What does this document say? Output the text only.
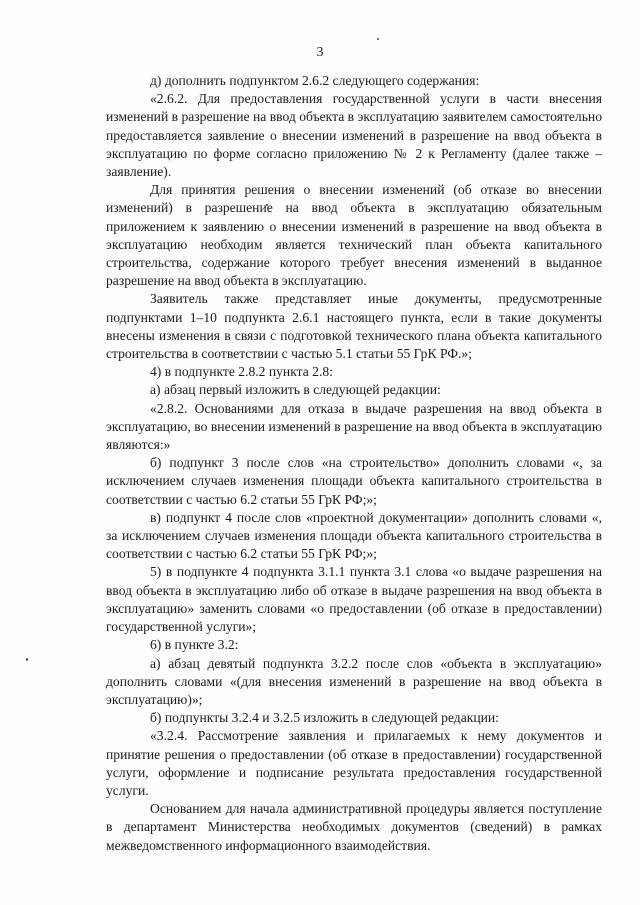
3

д) дополнить подпунктом 2.6.2 следующего содержания:

«2.6.2. Для предоставления государственной услуги в части внесения изменений в разрешение на ввод объекта в эксплуатацию заявителем самостоятельно предоставляется заявление о внесении изменений в разрешение на ввод объекта в эксплуатацию по форме согласно приложению № 2 к Регламенту (далее также – заявление).

Для принятия решения о внесении изменений (об отказе во внесении изменений) в разрешение на ввод объекта в эксплуатацию обязательным приложением к заявлению о внесении изменений в разрешение на ввод объекта в эксплуатацию необходим является технический план объекта капитального строительства, содержание которого требует внесения изменений в выданное разрешение на ввод объекта в эксплуатацию.

Заявитель также представляет иные документы, предусмотренные подпунктами 1–10 подпункта 2.6.1 настоящего пункта, если в такие документы внесены изменения в связи с подготовкой технического плана объекта капитального строительства в соответствии с частью 5.1 статьи 55 ГрК РФ.»;

4) в подпункте 2.8.2 пункта 2.8:

а) абзац первый изложить в следующей редакции:

«2.8.2. Основаниями для отказа в выдаче разрешения на ввод объекта в эксплуатацию, во внесении изменений в разрешение на ввод объекта в эксплуатацию являются:»

б) подпункт 3 после слов «на строительство» дополнить словами «, за исключением случаев изменения площади объекта капитального строительства в соответствии с частью 6.2 статьи 55 ГрК РФ;»;

в) подпункт 4 после слов «проектной документации» дополнить словами «, за исключением случаев изменения площади объекта капитального строительства в соответствии с частью 6.2 статьи 55 ГрК РФ;»;

5) в подпункте 4 подпункта 3.1.1 пункта 3.1 слова «о выдаче разрешения на ввод объекта в эксплуатацию либо об отказе в выдаче разрешения на ввод объекта в эксплуатацию» заменить словами «о предоставлении (об отказе в предоставлении) государственной услуги»;

6) в пункте 3.2:

а) абзац девятый подпункта 3.2.2 после слов «объекта в эксплуатацию» дополнить словами «(для внесения изменений в разрешение на ввод объекта в эксплуатацию)»;

б) подпункты 3.2.4 и 3.2.5 изложить в следующей редакции:

«3.2.4. Рассмотрение заявления и прилагаемых к нему документов и принятие решения о предоставлении (об отказе в предоставлении) государственной услуги, оформление и подписание результата предоставления государственной услуги.

Основанием для начала административной процедуры является поступление в департамент Министерства необходимых документов (сведений) в рамках межведомственного информационного взаимодействия.
